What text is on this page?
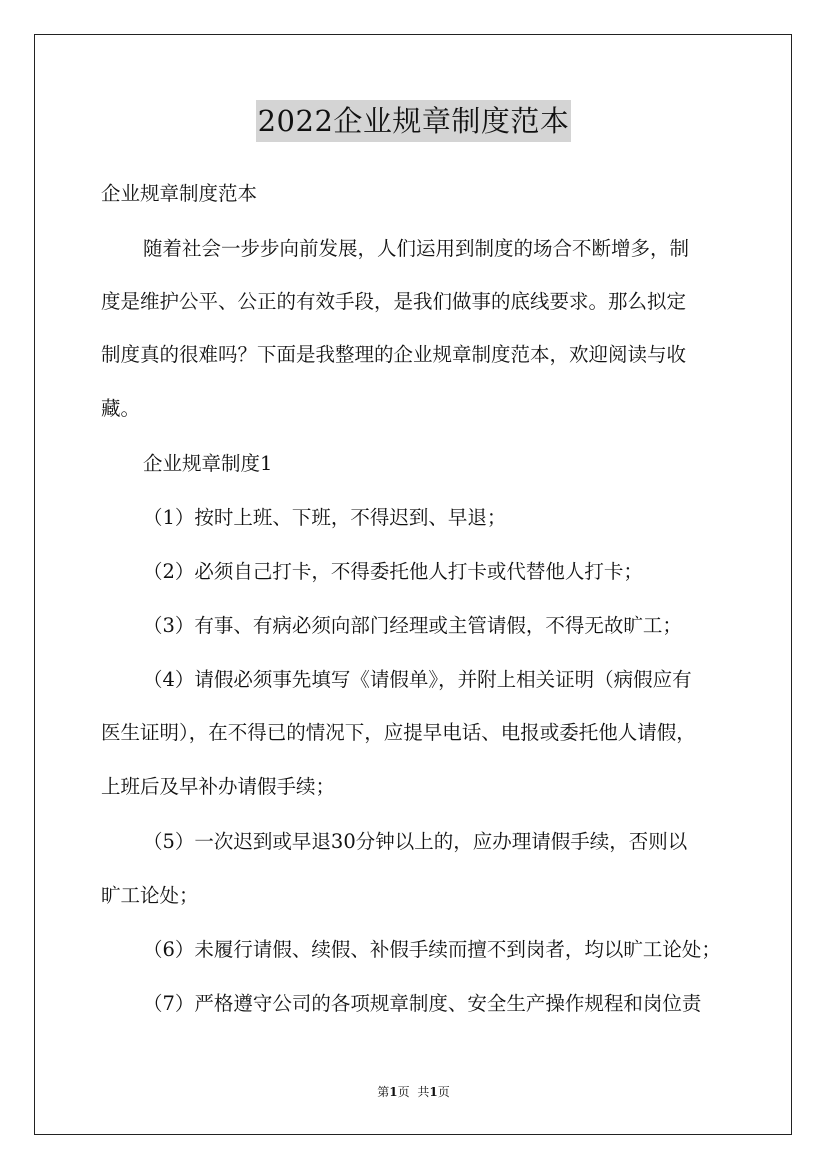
2022企业规章制度范本
企业规章制度范本
随着社会一步步向前发展，人们运用到制度的场合不断增多，制
度是维护公平、公正的有效手段，是我们做事的底线要求。那么拟定
制度真的很难吗？下面是我整理的企业规章制度范本，欢迎阅读与收
藏。
企业规章制度1
（1）按时上班、下班，不得迟到、早退；
（2）必须自己打卡，不得委托他人打卡或代替他人打卡；
（3）有事、有病必须向部门经理或主管请假，不得无故旷工；
（4）请假必须事先填写《请假单》，并附上相关证明（病假应有
医生证明），在不得已的情况下，应提早电话、电报或委托他人请假，
上班后及早补办请假手续；
（5）一次迟到或早退30分钟以上的，应办理请假手续，否则以
旷工论处；
（6）未履行请假、续假、补假手续而擅不到岗者，均以旷工论处；
（7）严格遵守公司的各项规章制度、安全生产操作规程和岗位责
第1页 共1页
